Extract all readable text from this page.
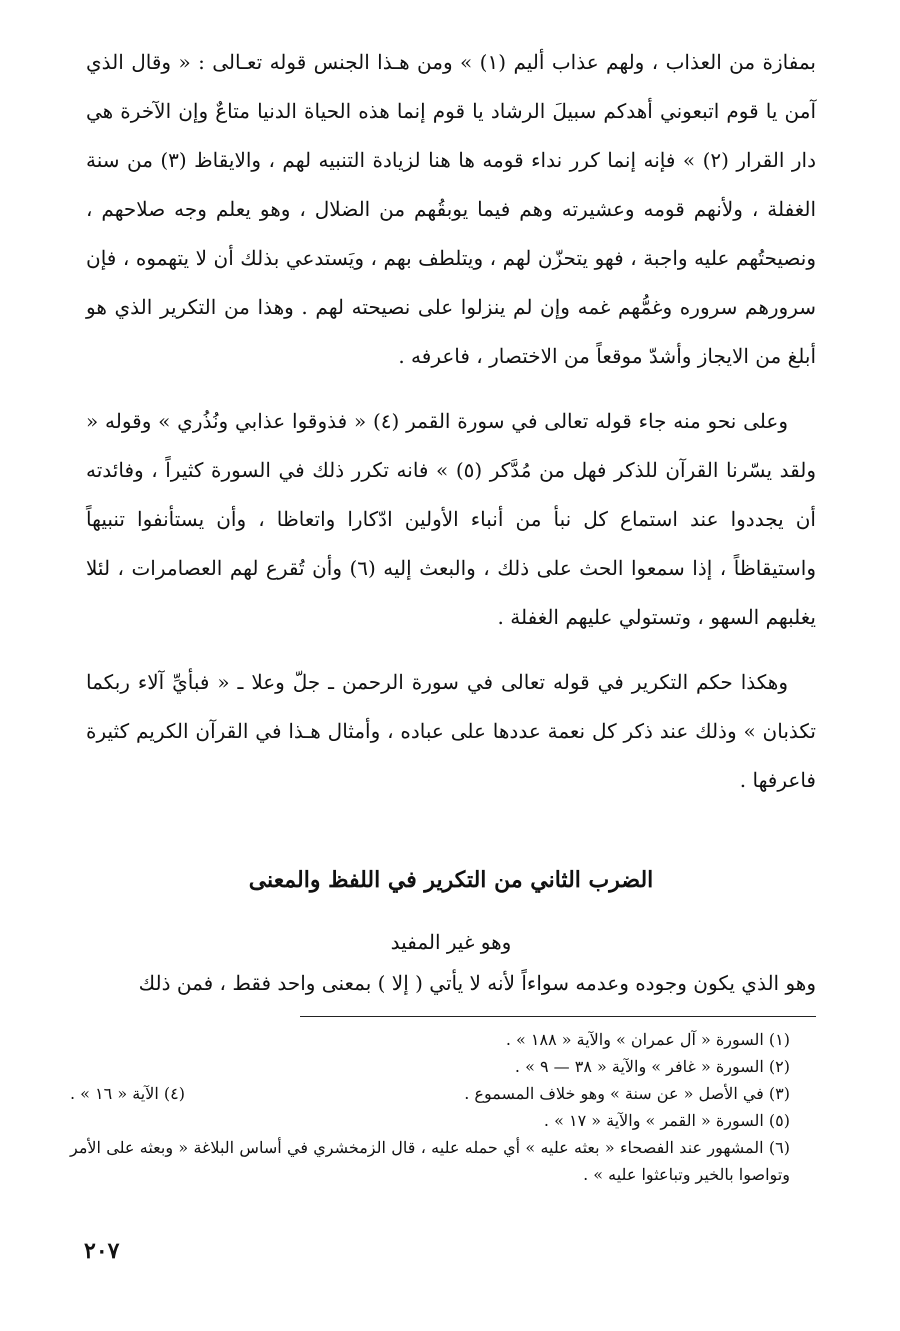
بمفازة من العذاب ، ولهم عذاب أليم (١) » ومن هـذا الجنس قوله تعـالى : « وقال الذي آمن يا قوم اتبعوني أهدكم سبيلَ الرشاد يا قوم إنما هذه الحياة الدنيا متاعٌ وإن الآخرة هي دار القرار (٢) » فإنه إنما كرر نداء قومه ها هنا لزيادة التنبيه لهم ، والايقاظ (٣) من سنة الغفلة ، ولأنهم قومه وعشيرته وهم فيما يوبقُهم من الضلال ، وهو يعلم وجه صلاحهم ، ونصيحتُهم عليه واجبة ، فهو يتحزّن لهم ، ويتلطف بهم ، ويَستدعي بذلك أن لا يتهموه ، فإن سرورهم سروره وغمُّهم غمه وإن لم ينزلوا على نصيحته لهم . وهذا من التكرير الذي هو أبلغ من الايجاز وأشدّ موقعاً من الاختصار ، فاعرفه .

وعلى نحو منه جاء قوله تعالى في سورة القمر (٤) « فذوقوا عذابي ونُذُري » وقوله « ولقد يسّرنا القرآن للذكر فهل من مُدَّكر (٥) » فانه تكرر ذلك في السورة كثيراً ، وفائدته أن يجددوا عند استماع كل نبأ من أنباء الأولين ادّكارا واتعاظا ، وأن يستأنفوا تنبيهاً واستيقاظاً ، إذا سمعوا الحث على ذلك ، والبعث إليه (٦) وأن تُقرع لهم العصامرات ، لئلا يغلبهم السهو ، وتستولي عليهم الغفلة .

وهكذا حكم التكرير في قوله تعالى في سورة الرحمن ـ جلّ وعلا ـ « فبأيِّ آلاء ربكما تكذبان » وذلك عند ذكر كل نعمة عددها على عباده ، وأمثال هـذا في القرآن الكريم كثيرة فاعرفها .

الضرب الثاني من التكرير في اللفظ والمعنى
وهو غير المفيد
وهو الذي يكون وجوده وعدمه سواءاً لأنه لا يأتي ( إلا ) بمعنى واحد فقط ، فمن ذلك

(١) السورة « آل عمران » والآية « ١٨٨ » .

(٢) السورة « غافر » والآية « ٣٨ — ٩ » .

(٣) في الأصل « عن سنة » وهو خلاف المسموع .
(٤) الآية « ١٦ » .

(٥) السورة « القمر » والآية « ١٧ » .

(٦) المشهور عند الفصحاء « بعثه عليه » أي حمله عليه ، قال الزمخشري في أساس البلاغة « وبعثه على الأمر وتواصوا بالخير وتباعثوا عليه » .

٢٠٧
